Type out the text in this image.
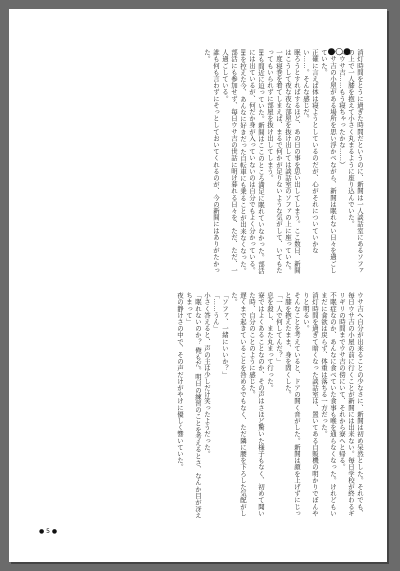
●○● 消灯時間をとうに過ぎた時間だというのに、新開は一人談話室にあるソファの上で一人膝を抱えて小さく丸まるように座り込んでいた。
（ウサ吉……もう寝ちゃったかな……）
ウサ吉の小屋がある場所を思い浮かべながら、新開は眠れない日々を過ごしていた。
正確に言えば体は寝ようとしているのだが、心がそれについていかない……。そんな感じだ。
眠ろうとすればするほど、あの日の事を思い出してしまう。ここ数日、新開はこうして夜な夜な部屋を抜け出しては談話室のソファの上に座っていた。
一度寝巻を着てしまえば、まるで何かが足りないような気がして、いてもたってもいられずに部屋を抜け出してしまう。
IHも間近に迫っていた。新開はここのところ満足に眠れていなかった。部活には出ているが、何だか身が入っていないのは自分でもよく分かっている。
IHを控えた今、あんなに好きだった自転車にも乗ることが出来なくなった。部活にも参加せず、毎日ウサ吉の世話に明け暮れる日々を、ただ、ただ、一人過ごしている。
誰も何も言わずにそっとしておいてくれるのが、今の新開にはありがたかった。
ウサ吉へ自分が出来ることの少なさに、新開は初め呆然とした。それでも、毎日ウサ吉の小屋の前に行くことが新開には出来ない。毎日学校が終わるギリギリの時間までウサ吉の傍にいて、それから寮へと帰る。
不眠症なのか、あんなに食べていた食事も喉を通らなくなった。けれどもいまだに食欲は戻らず、体重は落ちる一方だった。
消灯時間を過ぎて暗くなった談話室は、置いてある自販機の明かりでぼんやりと明るい。
そんなことを考えていると、ドアの開く音がした。新開は顔を上げずにじっと膝を抱えたまま、身を固くした。
「一人で何してんだ？」
息を殺し、また丸まって行った。
寮ではよくあることなのか、その声はさほど驚いた様子もなく、初めて聞いた時、自分のことのように感じた。
遅くまで起きていることを咎めるでもなく、ただ隣に腰を下ろした気配がした。
「ソファ、一緒にいいか？」
「……うん」
小さく答えると、声の主は少しだけ笑ったようだった。
「眠れないのか？ 俺もだ。明日の練習のことを考えるとさ、なんか目が冴えちまって」
夜の静けさの中で、その声だけがやけに優しく響いていた。
● 5 ●
